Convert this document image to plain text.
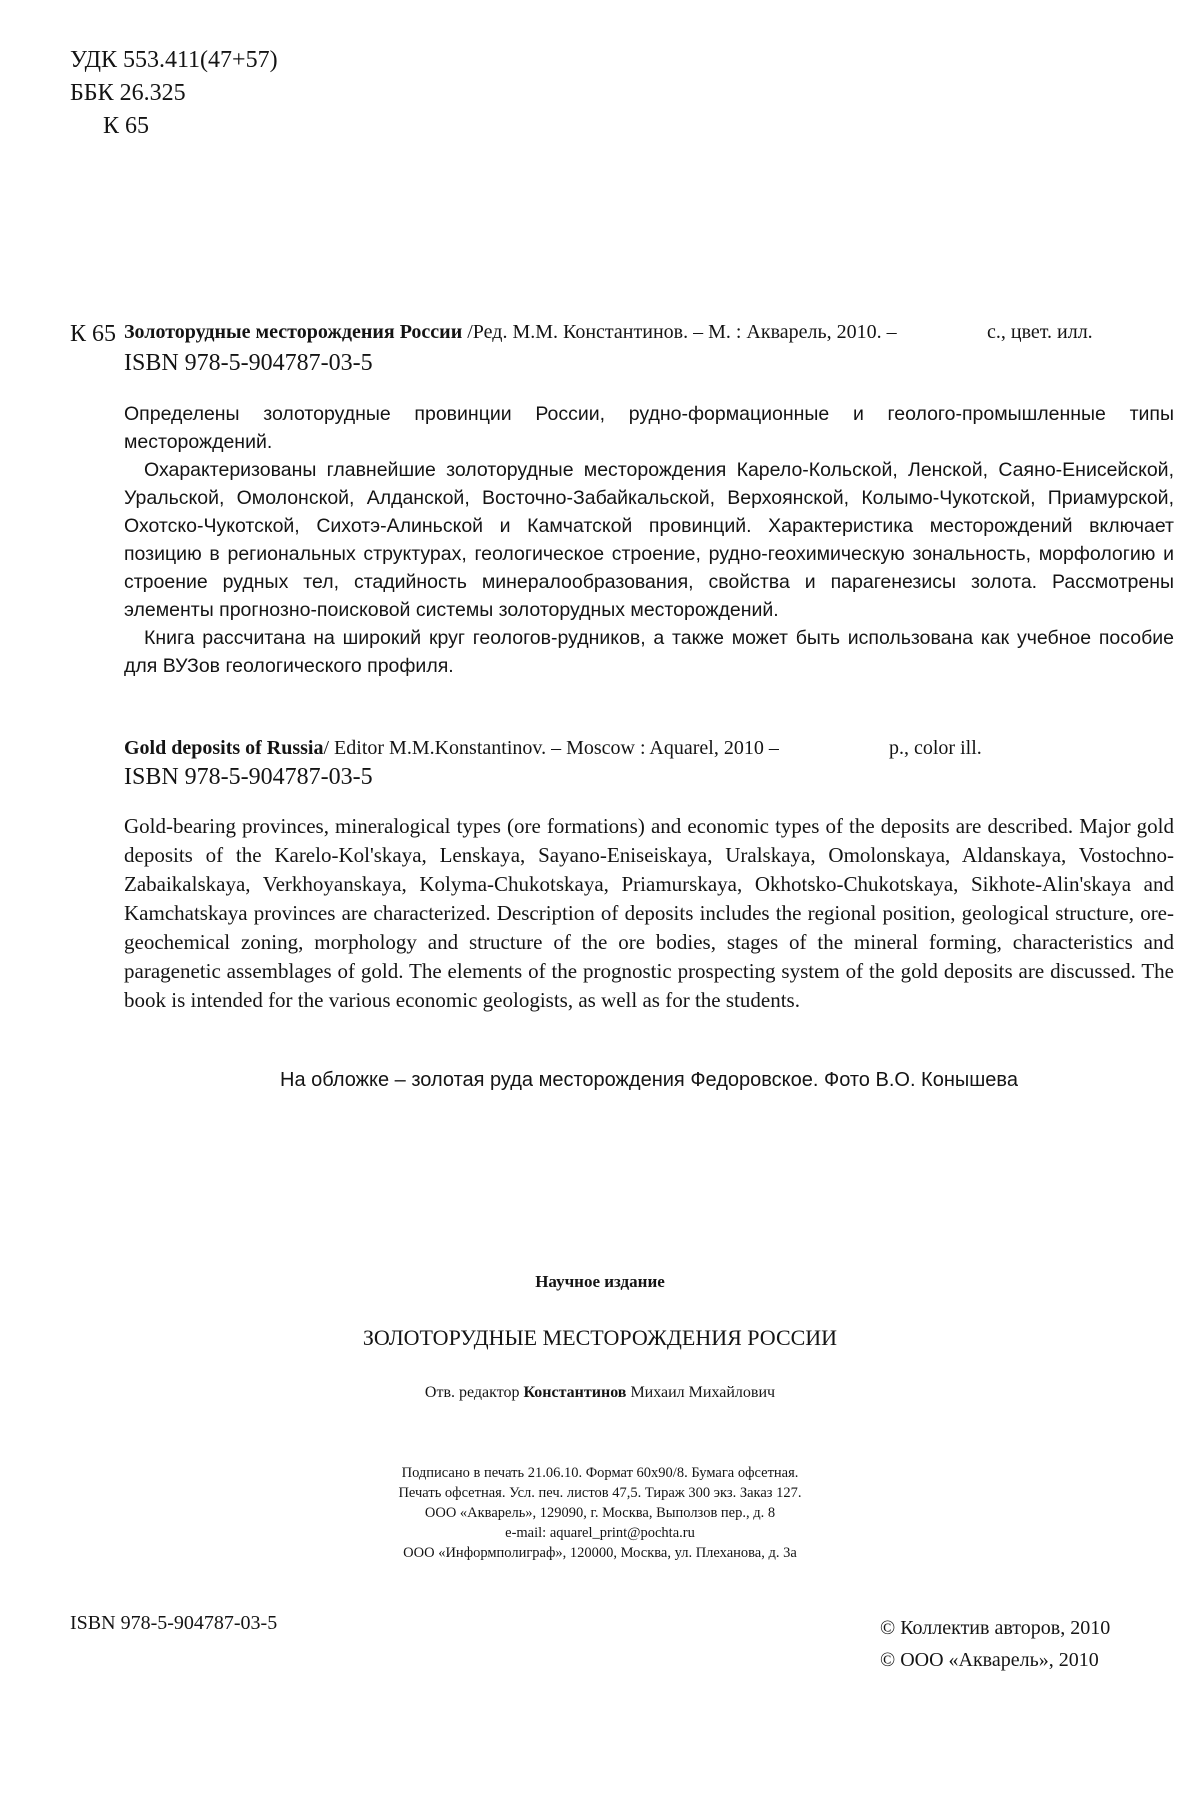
УДК 553.411(47+57)
ББК 26.325
К 65
К 65 Золоторудные месторождения России /Ред. М.М. Константинов. – М. : Акварель, 2010. –	с., цвет. илл.
ISBN 978-5-904787-03-5

Определены золоторудные провинции России, рудно-формационные и геолого-промышленные типы месторождений.

Охарактеризованы главнейшие золоторудные месторождения Карело-Кольской, Ленской, Саяно-Енисейской, Уральской, Омолонской, Алданской, Восточно-Забайкальской, Верхоянской, Колымо-Чукотской, Приамурской, Охотско-Чукотской, Сихотэ-Алиньской и Камчатской провинций. Характеристика месторождений включает позицию в региональных структурах, геологическое строение, рудно-геохимическую зональность, морфологию и строение рудных тел, стадийность минералообразования, свойства и парагенезисы золота. Рассмотрены элементы прогнозно-поисковой системы золоторудных месторождений.

Книга рассчитана на широкий круг геологов-рудников, а также может быть использована как учебное пособие для ВУЗов геологического профиля.

Gold deposits of Russia/ Editor M.M.Konstantinov. – Moscow : Aquarel, 2010 –	p., color ill.
ISBN 978-5-904787-03-5

Gold-bearing provinces, mineralogical types (ore formations) and economic types of the deposits are described. Major gold deposits of the Karelo-Kol'skaya, Lenskaya, Sayano-Eniseiskaya, Uralskaya, Omolonskaya, Aldanskaya, Vostochno-Zabaikalskaya, Verkhoyanskaya, Kolyma-Chukotskaya, Priamurskaya, Okhotsko-Chukotskaya, Sikhote-Alin'skaya and Kamchatskaya provinces are characterized. Description of deposits includes the regional position, geological structure, ore-geochemical zoning, morphology and structure of the ore bodies, stages of the mineral forming, characteristics and paragenetic assemblages of gold. The elements of the prognostic prospecting system of the gold deposits are discussed. The book is intended for the various economic geologists, as well as for the students.

На обложке – золотая руда месторождения Федоровское. Фото В.О. Конышева
Научное издание
ЗОЛОТОРУДНЫЕ МЕСТОРОЖДЕНИЯ РОССИИ
Отв. редактор Константинов Михаил Михайлович
Подписано в печать 21.06.10. Формат 60х90/8. Бумага офсетная.
Печать офсетная. Усл. печ. листов 47,5. Тираж 300 экз. Заказ 127.
ООО «Акварель», 129090, г. Москва, Выползов пер., д. 8
e-mail: aquarel_print@pochta.ru
ООО «Информполиграф», 120000, Москва, ул. Плеханова, д. 3а
ISBN 978-5-904787-03-5	© Коллектив авторов, 2010
© ООО «Акварель», 2010
